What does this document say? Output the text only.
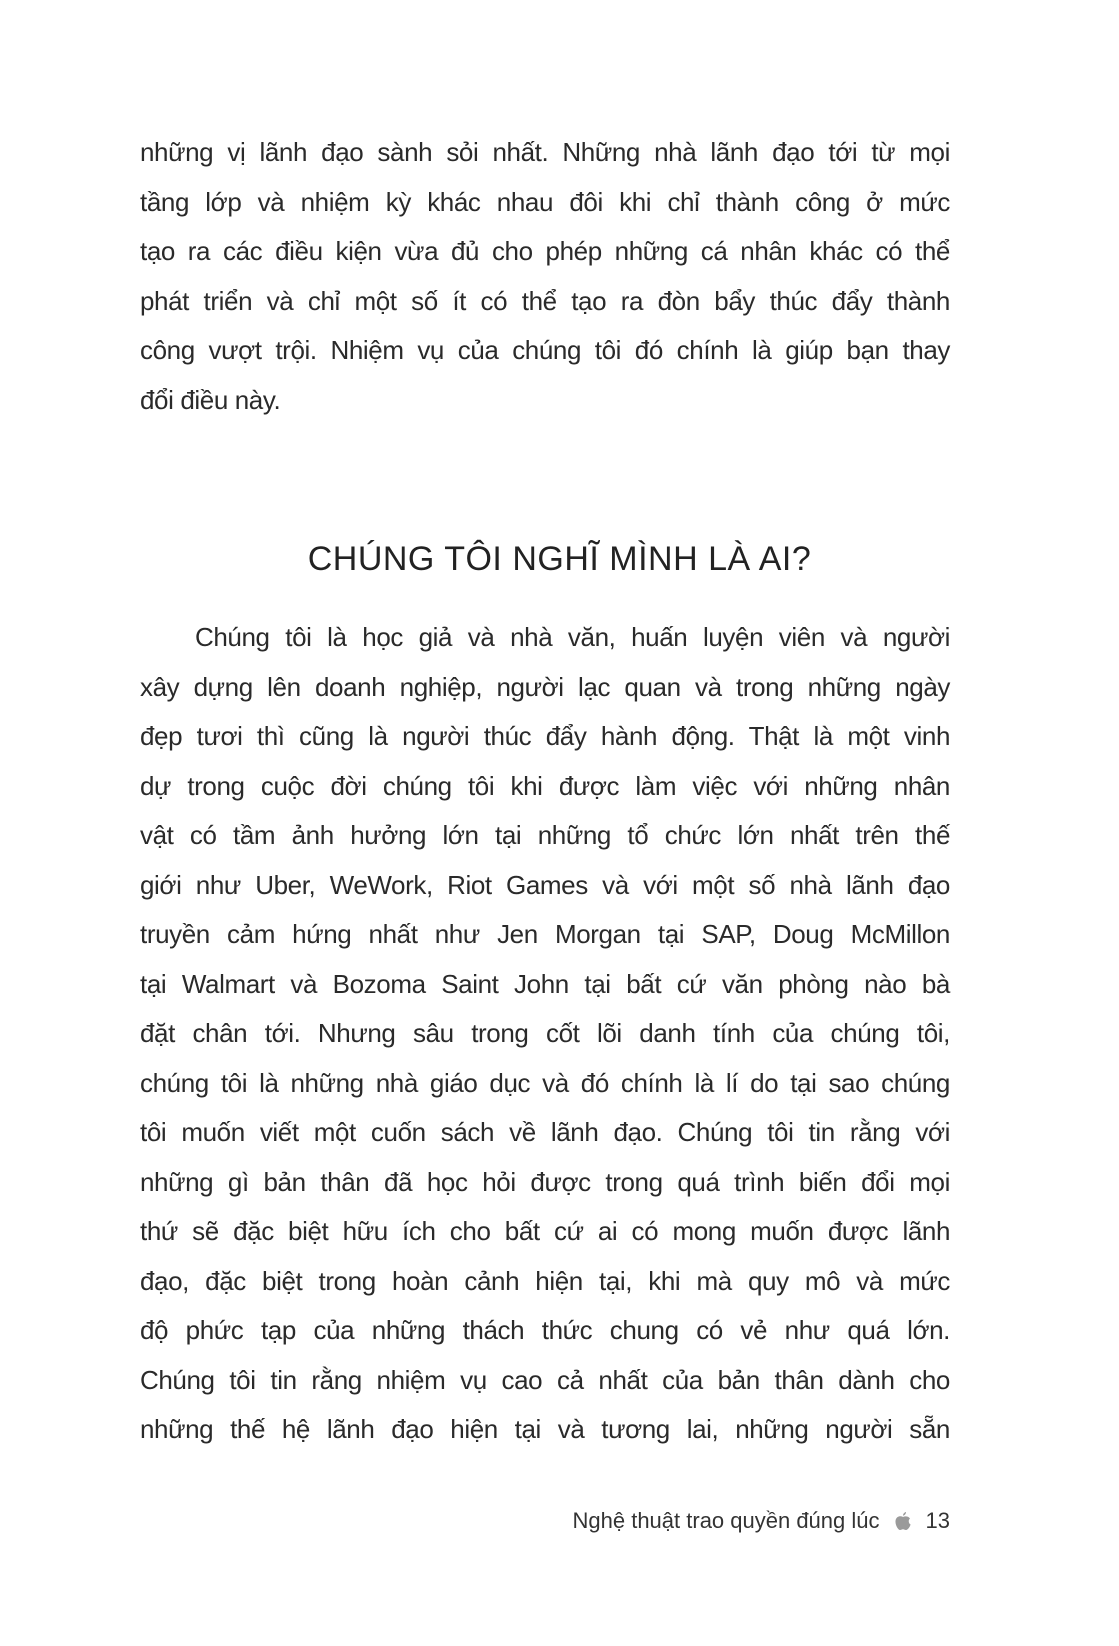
những vị lãnh đạo sành sỏi nhất. Những nhà lãnh đạo tới từ mọi
tầng lớp và nhiệm kỳ khác nhau đôi khi chỉ thành công ở mức
tạo ra các điều kiện vừa đủ cho phép những cá nhân khác có thể
phát triển và chỉ một số ít có thể tạo ra đòn bẩy thúc đẩy thành
công vượt trội. Nhiệm vụ của chúng tôi đó chính là giúp bạn thay
đổi điều này.
CHÚNG TÔI NGHĨ MÌNH LÀ AI?
Chúng tôi là học giả và nhà văn, huấn luyện viên và người
xây dựng lên doanh nghiệp, người lạc quan và trong những ngày
đẹp tươi thì cũng là người thúc đẩy hành động. Thật là một vinh
dự trong cuộc đời chúng tôi khi được làm việc với những nhân
vật có tầm ảnh hưởng lớn tại những tổ chức lớn nhất trên thế
giới như Uber, WeWork, Riot Games và với một số nhà lãnh đạo
truyền cảm hứng nhất như Jen Morgan tại SAP, Doug McMillon
tại Walmart và Bozoma Saint John tại bất cứ văn phòng nào bà
đặt chân tới. Nhưng sâu trong cốt lõi danh tính của chúng tôi,
chúng tôi là những nhà giáo dục và đó chính là lí do tại sao chúng
tôi muốn viết một cuốn sách về lãnh đạo. Chúng tôi tin rằng với
những gì bản thân đã học hỏi được trong quá trình biến đổi mọi
thứ sẽ đặc biệt hữu ích cho bất cứ ai có mong muốn được lãnh
đạo, đặc biệt trong hoàn cảnh hiện tại, khi mà quy mô và mức
độ phức tạp của những thách thức chung có vẻ như quá lớn.
Chúng tôi tin rằng nhiệm vụ cao cả nhất của bản thân dành cho
những thế hệ lãnh đạo hiện tại và tương lai, những người sẵn
Nghệ thuật trao quyền đúng lúc 13
